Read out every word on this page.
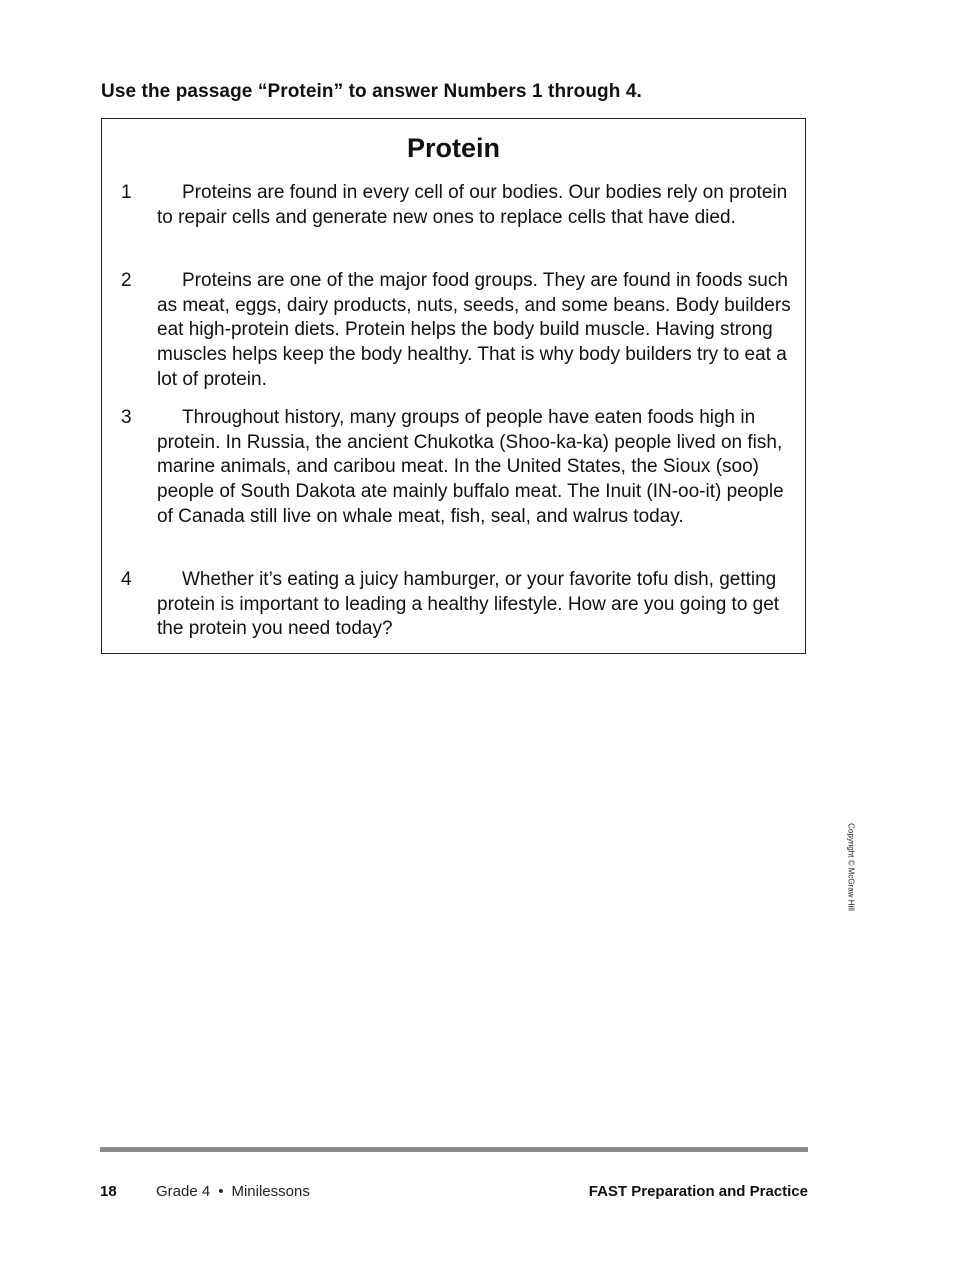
Use the passage “Protein” to answer Numbers 1 through 4.
Protein
1	Proteins are found in every cell of our bodies. Our bodies rely on protein to repair cells and generate new ones to replace cells that have died.
2	Proteins are one of the major food groups. They are found in foods such as meat, eggs, dairy products, nuts, seeds, and some beans. Body builders eat high-protein diets. Protein helps the body build muscle. Having strong muscles helps keep the body healthy. That is why body builders try to eat a lot of protein.
3	Throughout history, many groups of people have eaten foods high in protein. In Russia, the ancient Chukotka (Shoo-ka-ka) people lived on fish, marine animals, and caribou meat. In the United States, the Sioux (soo) people of South Dakota ate mainly buffalo meat. The Inuit (IN-oo-it) people of Canada still live on whale meat, fish, seal, and walrus today.
4	Whether it’s eating a juicy hamburger, or your favorite tofu dish, getting protein is important to leading a healthy lifestyle. How are you going to get the protein you need today?
Copyright © McGraw Hill
18	Grade 4 • Minilessons	FAST Preparation and Practice
